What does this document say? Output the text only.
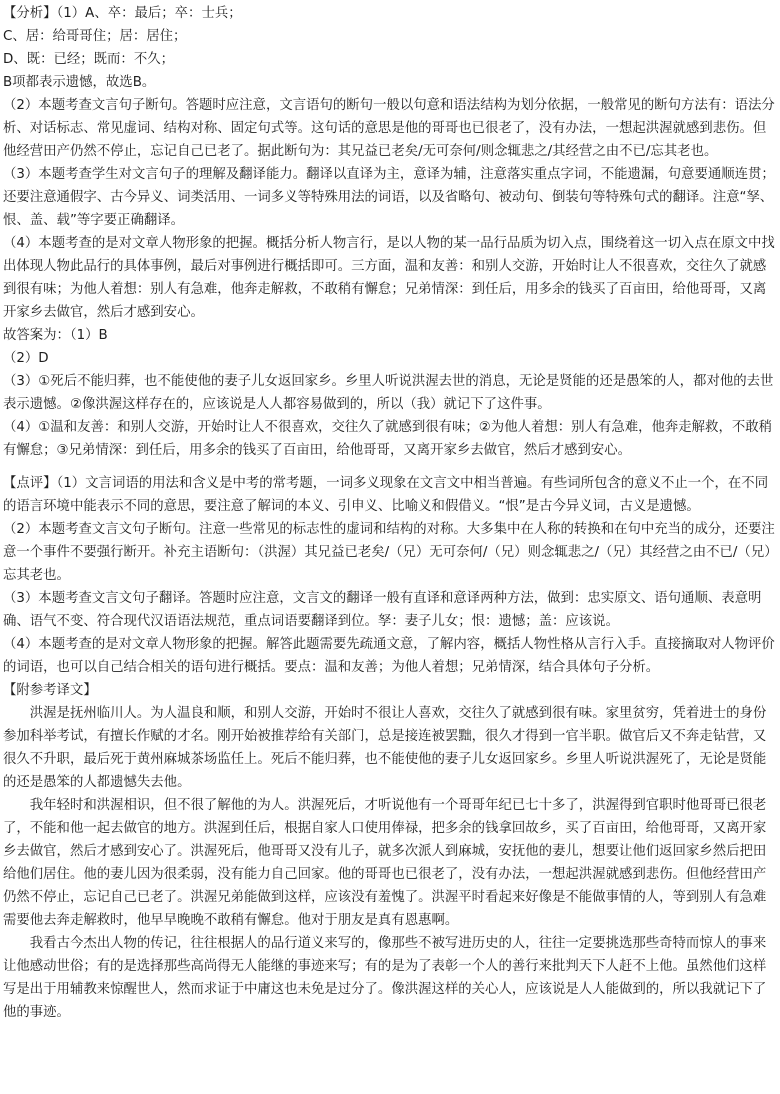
【分析】（1）A、卒：最后；卒：士兵；

C、居：给哥哥住；居：居住；

D、既：已经；既而：不久；

B项都表示遗憾，故选B。

（2）本题考查文言句子断句。答题时应注意，文言语句的断句一般以句意和语法结构为划分依据，一般常见的断句方法有：语法分析、对话标志、常见虚词、结构对称、固定句式等。这句话的意思是他的哥哥也已很老了，没有办法，一想起洪渥就感到悲伤。但他经营田产仍然不停止，忘记自己已老了。据此断句为：其兄益已老矣/无可奈何/则念辄悲之/其经营之由不已/忘其老也。

（3）本题考查学生对文言句子的理解及翻译能力。翻译以直译为主，意译为辅，注意落实重点字词，不能遗漏，句意要通顺连贯；还要注意通假字、古今异义、词类活用、一词多义等特殊用法的词语，以及省略句、被动句、倒装句等特殊句式的翻译。注意“孥、恨、盖、载”等字要正确翻译。

（4）本题考查的是对文章人物形象的把握。概括分析人物言行，是以人物的某一品行品质为切入点，围绕着这一切入点在原文中找出体现人物此品行的具体事例，最后对事例进行概括即可。三方面，温和友善：和别人交游，开始时让人不很喜欢，交往久了就感到很有味；为他人着想：别人有急难，他奔走解救，不敢稍有懈怠；兄弟情深：到任后，用多余的钱买了百亩田，给他哥哥，又离开家乡去做官，然后才感到安心。

故答案为：（1）B

（2）D

（3）①死后不能归葬，也不能使他的妻子儿女返回家乡。乡里人听说洪渥去世的消息，无论是贤能的还是愚笨的人，都对他的去世表示遗憾。②像洪渥这样存在的，应该说是人人都容易做到的，所以（我）就记下了这件事。

（4）①温和友善：和别人交游，开始时让人不很喜欢，交往久了就感到很有味；②为他人着想：别人有急难，他奔走解救，不敢稍有懈怠；③兄弟情深：到任后，用多余的钱买了百亩田，给他哥哥，又离开家乡去做官，然后才感到安心。

【点评】（1）文言词语的用法和含义是中考的常考题，一词多义现象在文言文中相当普遍。有些词所包含的意义不止一个，在不同的语言环境中能表示不同的意思，要注意了解词的本义、引申义、比喻义和假借义。“恨”是古今异义词，古义是遗憾。

（2）本题考查文言文句子断句。注意一些常见的标志性的虚词和结构的对称。大多集中在人称的转换和在句中充当的成分，还要注意一个事件不要强行断开。补充主语断句：（洪渥）其兄益已老矣/（兄）无可奈何/（兄）则念辄悲之/（兄）其经营之由不已/（兄）忘其老也。

（3）本题考查文言文句子翻译。答题时应注意，文言文的翻译一般有直译和意译两种方法，做到：忠实原文、语句通顺、表意明确、语气不变、符合现代汉语语法规范，重点词语要翻译到位。孥：妻子儿女；恨：遗憾；盖：应该说。

（4）本题考查的是对文章人物形象的把握。解答此题需要先疏通文意，了解内容，概括人物性格从言行入手。直接摘取对人物评价的词语，也可以自己结合相关的语句进行概括。要点：温和友善；为他人着想；兄弟情深，结合具体句子分析。

【附参考译文】

洪渥是抚州临川人。为人温良和顺，和别人交游，开始时不很让人喜欢，交往久了就感到很有味。家里贫穷，凭着进士的身份参加科举考试，有擅长作赋的才名。刚开始被推荐给有关部门，总是接连被罢黜，很久才得到一官半职。做官后又不奔走钻营，又很久不升职，最后死于黄州麻城茶场监任上。死后不能归葬，也不能使他的妻子儿女返回家乡。乡里人听说洪渥死了，无论是贤能的还是愚笨的人都遗憾失去他。

我年轻时和洪渥相识，但不很了解他的为人。洪渥死后，才听说他有一个哥哥年纪已七十多了，洪渥得到官职时他哥哥已很老了，不能和他一起去做官的地方。洪渥到任后，根据自家人口使用俸禄，把多余的钱拿回故乡，买了百亩田，给他哥哥，又离开家乡去做官，然后才感到安心了。洪渥死后，他哥哥又没有儿子，就多次派人到麻城，安抚他的妻儿，想要让他们返回家乡然后把田给他们居住。他的妻儿因为很柔弱，没有能力自己回家。他的哥哥也已很老了，没有办法，一想起洪渥就感到悲伤。但他经营田产仍然不停止，忘记自己已老了。洪渥兄弟能做到这样，应该没有羞愧了。洪渥平时看起来好像是不能做事情的人，等到别人有急难需要他去奔走解救时，他早早晚晚不敢稍有懈怠。他对于朋友是真有恩惠啊。

我看古今杰出人物的传记，往往根据人的品行道义来写的，像那些不被写进历史的人，往往一定要挑选那些奇特而惊人的事来让他感动世俗；有的是选择那些高尚得无人能继的事迹来写；有的是为了表彰一个人的善行来批判天下人赶不上他。虽然他们这样写是出于用辅教来惊醒世人，然而求证于中庸这也未免是过分了。像洪渥这样的关心人，应该说是人人能做到的，所以我就记下了他的事迹。
